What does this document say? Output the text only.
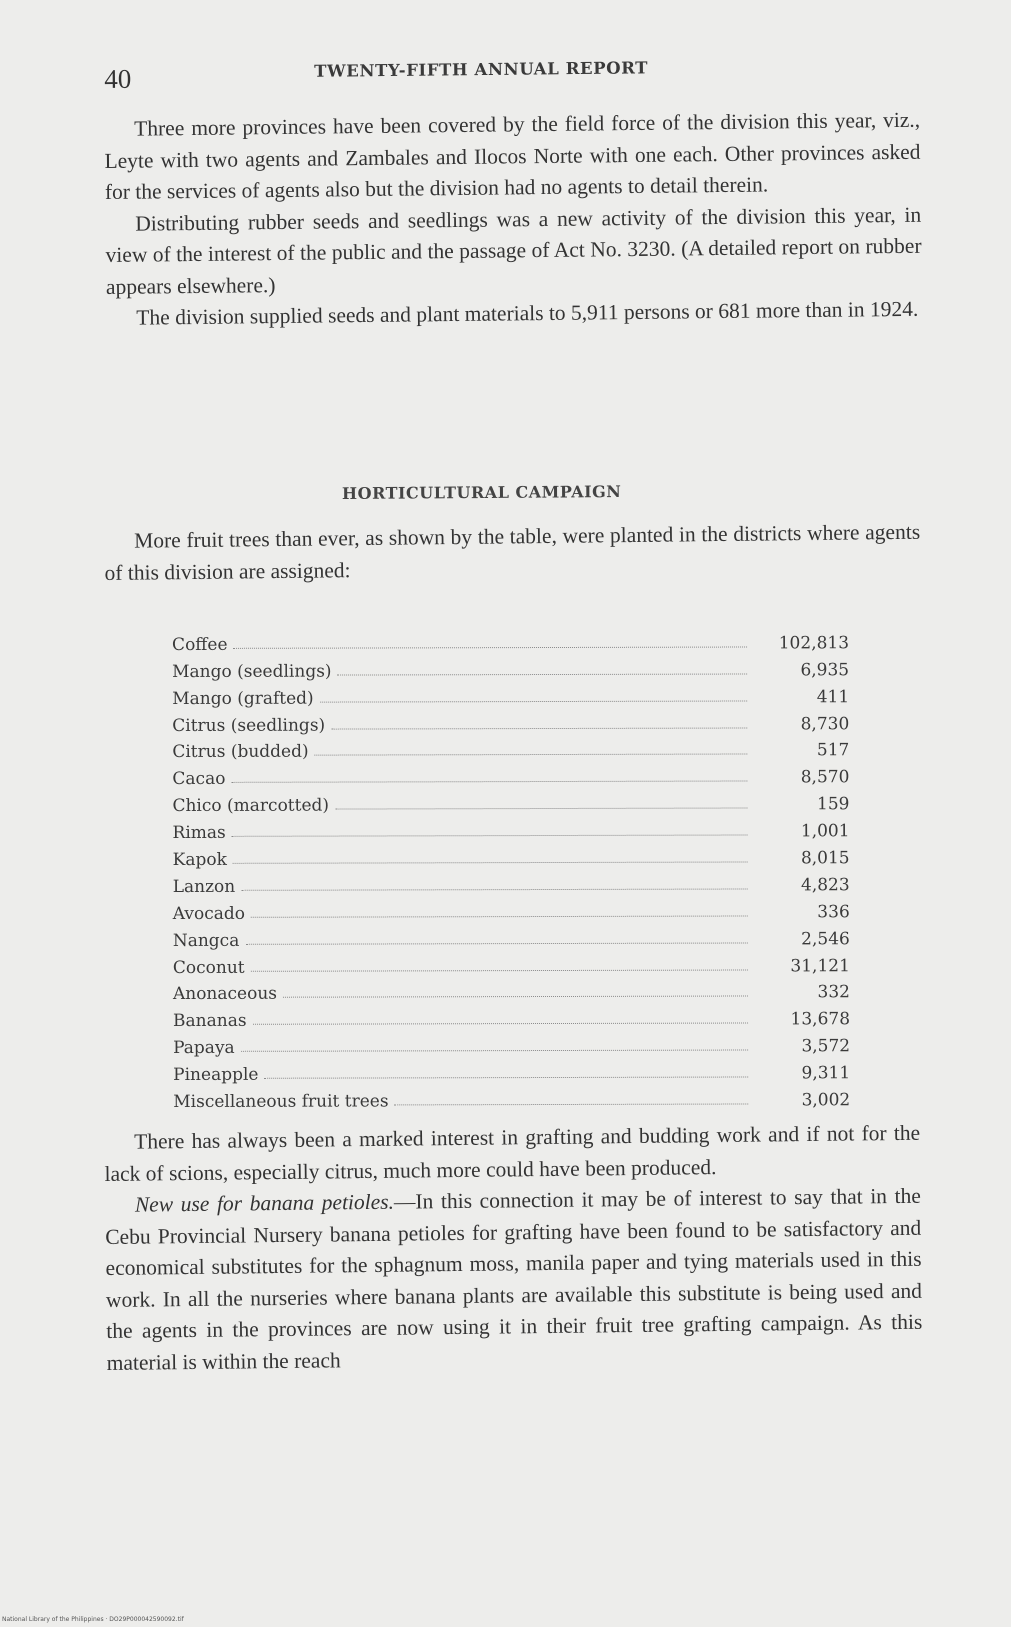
40	TWENTY-FIFTH ANNUAL REPORT

Three more provinces have been covered by the field force of the division this year, viz., Leyte with two agents and Zambales and Ilocos Norte with one each. Other provinces asked for the services of agents also but the division had no agents to detail therein.

Distributing rubber seeds and seedlings was a new activity of the division this year, in view of the interest of the public and the passage of Act No. 3230. (A detailed report on rubber appears elsewhere.)

The division supplied seeds and plant materials to 5,911 persons or 681 more than in 1924.

HORTICULTURAL CAMPAIGN

More fruit trees than ever, as shown by the table, were planted in the districts where agents of this division are assigned:

Coffee	102,813
Mango (seedlings)	6,935
Mango (grafted)	411
Citrus (seedlings)	8,730
Citrus (budded)	517
Cacao	8,570
Chico (marcotted)	159
Rimas	1,001
Kapok	8,015
Lanzon	4,823
Avocado	336
Nangca	2,546
Coconut	31,121
Anonaceous	332
Bananas	13,678
Papaya	3,572
Pineapple	9,311
Miscellaneous fruit trees	3,002

There has always been a marked interest in grafting and budding work and if not for the lack of scions, especially citrus, much more could have been produced.

New use for banana petioles.—In this connection it may be of interest to say that in the Cebu Provincial Nursery banana petioles for grafting have been found to be satisfactory and economical substitutes for the sphagnum moss, manila paper and tying materials used in this work. In all the nurseries where banana plants are available this substitute is being used and the agents in the provinces are now using it in their fruit tree grafting campaign. As this material is within the reach

National Library of the Philippines · DO29P000042590092.tif
